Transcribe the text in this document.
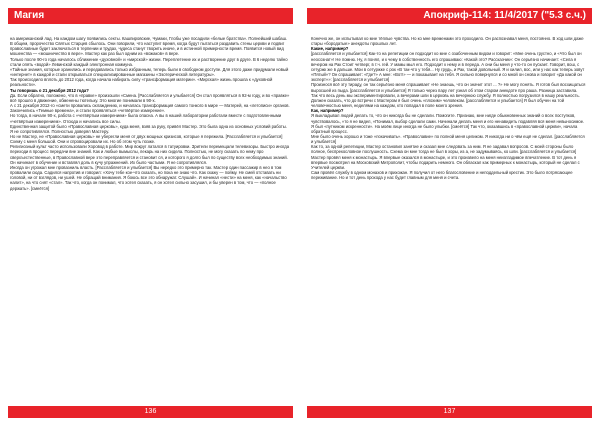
Магия
на американский лад. На каждом шагу появились секты. Кашпировские, Чумаки, Глобы уже посадили «белые братства». Полнейший шабаш.
В общем, пророчество Святых Старцев сбылось. Они говорили, что наступит время, когда будут пытаться раздавить стены церкви и подвиг православные будет заключаться в терпении и трудах, чудеса станут творить иначе, и в истинной примерности время. Появится новый вид мошенства — «мошничество в вере». Мастер как раз был одним из «вожаков» в вере.
Только после 90-го года началось сближение «духовной» и «мирской» жизни. Переплетение их и растворение друг в друге. В 6 неделю тайно стали опять «водой» Левинской каждый электронная коммуна.
«Тайные знания, которые хранились и передавались только избранным, теперь были в свободном доступе. Для этого даже придумали новый «интернет» в каждой и стали открываться специализированные магазины «Эзотерической литературы».
Так происходило вплоть до 2012 года, когда начала набирать силу «трансформация материи». «Мирская» жизнь прошла к «духовной реальности».
Ты говоришь о 21 декабря 2012 года?
Да. Если обратно, положено, что в «правке» произошли «Смена. [Расслабляется и улыбается] Он стал проявляться в 92-м году, и во «правке» всё прошло в движение, обменены тютельку. Это многие понимали в 90-х.
А с 21 декабря 2012-го «смети провались охлаждению, и началась трансформация самого тонкого в мире — Матерей, на «летописи» органов. Закончились «Темные времена», и стали проявляться «четвёртое измерение».
Но тогда, в начале 90-х, работа с «четвёртым измерением» была опасна. А вы в нашей лаборатории работали вместе с подготовленными «четвёртым измерением». Отсюда и начались все силы.
Единственная защитой было «Православная церковь», куда меня, взяв за руку, привёл Мастер. Это была одна из основных условий работы. Я не сопротивлялся. Полностью доверял Мастеру.
Но не Мастер, не «Православная церковь» не уберегли меня от двух мощных кризисов, которые я пережила. [Расслабляется и улыбается] Схему с меня большой. Они и спровоцировали их. Но об этом чуть позже.
Религиозный культ часто использовали Хоровод в работе. Мир вокруг латался в татуировки. Зрители перемещали телевизоры. Быстро иногда переходи в процесс передачи вне знаний. Как и любые вымыслы, лекарь на них сидела. Полностью, не могу сказать по нему про сверхъестественные, в Православной вере это переправляется и становит ся, и которого я долго был по существу всех необходимых знаний. Он начинает в обучение и вставлял доль в кучу упражнений. Их было частыми. Я не сопротивлялся.
Иногда он угрожал мне провазниль власть. [Расслабляется и улыбается] Вы нередко это примерно так. Мастер один пассажир в нео в том провалили сюда. Садился напротив и говорил: «Хочу тебе кое-что сказать, но пока не знаю что. Как скажу — пойму. Не смей отставать ни головой, ни от взглядов, ни ушей. Не обращай внимания. Я боюсь все это обнаружат. Слушай». И начинал «нести» на меня, как «начальство налит», на что снят «стал». Так что, когда он понимал, что хотел сказать, я он хотел сильно засушил, и бы уверен в том, что — «полное держать». [смеётся]
136
Апокриф-114: 11/4/2017 ("5.3 с.ч.)
Конечно же, он испытывал ко мне тёплые чувства. Но ко мне временами это проходило. Он распознавал меня, постоянно. В ход шли даже стары «бородатые» анекдоты прошлых лет.
Какие, например?
[расслабляется и улыбается] Как-то на репетиции он подходит ко мне с озабоченным видом и говорит: «Мне очень грустно, и «Что был он неосознат»! Не помню. Ну, я понял, и к чему в собственность его спрашиваю: «Какой это? Рассказчик»: Он серьёзно начинает: «Села я вечером на Рак Стоит четверг, в т.ч. гей. У мамы мыл его. Подходит к нему и в переда. А они бы меня у что-то он пускает. Говорит, вош, с сетуржк же в дальше. Мои в сетуржке с рок «В так-что у тебя... Ну грудь, и Рак, такой довольный. Я и хилил, вос, или у нас как теперь зовут «Пятый»? Он спрашивает: «Где?» А мне: «Вот!» — и показывает на тебя. Я сильно повернулся и со мной он снова и говорит «Да какой он эксперт»»: [расслабляется и улыбается]
Произнося всё эту тираду, он так серьёзно меня спрашивает «Не знаешь, что он значит этот ... ?» Не могу понять. Я готов был восхищаться выросшей из пыда. [расслабляется и улыбается] Я только через пару лет узнал об этом старом анекдоте про раша. Разница заставила.
Так что весь день мы экспериментировали, а вечерами шли в церковь на вечернюю службу. Я полностью погрузился в нашу реальность.
Должен сказать, что до встречи с Мастером я был очень «плохим» человеком. [расслабляется и улыбается] Я был обучен на той человечностью меня, неделями на каждом, кто попадал в поле моего зрения.
Как, например?
Я выкладывал людей делать то, что он никогда бы не сделали. Помогите. Признаю, мне нигде обыкновенных знаний о всех поступков, чувствовалось, «то я не видел, «Понимал, выбор сделали сами. Начинали делать меня и его ненавидеть подавляя вся меня невыносимое.
Я был «путником искренности». На моём лице иногда не было улыбки. [смеётся] Так что, оказавшись в «православной церкви», начала обратный процесс.
Мне было очень хорошо и тоже «покачивать». «Православие» по полной меня целиком. Я никогда ни о чём ещё не сделал. [расслабляется и улыбается]
Как то, за одной репетиции, Мастер остановил занятие и сказал мне следовать за ним. Я не задавал вопросов. С моей стороны было полное, беспрекословное послушность. Схема он мне тогда не был в хоры, из а, не задумываясь, ко шли. [расслабляется и улыбается]
Мастер провёл меня к монастырь. Я впервые оказался в монастыре, и это произвело на меня неизгладимое впечатление. В тот день я впервые посмотрел на Московский Митрополит, чтобы подарить немного. Он обласкал как примерных к монастырь, который не сделал с Учителей церкви.
Сам провёл службу в одном монахов и прихожан. Я получил от него благословение и неподдельный крестик. Это было потрясающее переживание. Но и тот день прохода у нас будет главным для меня и счета.
137
